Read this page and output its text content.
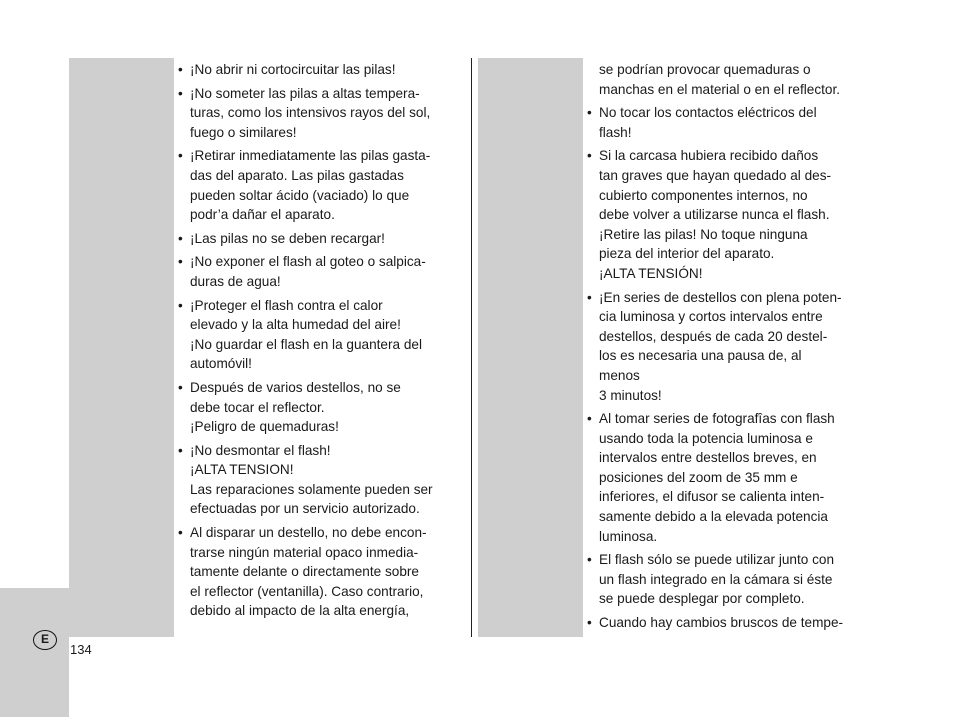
• ¡No abrir ni cortocircuitar las pilas!
• ¡No someter las pilas a altas tempera-
turas, como los intensivos rayos del sol,
fuego o similares!
• ¡Retirar inmediatamente las pilas gasta-
das del aparato. Las pilas gastadas
pueden soltar ácido (vaciado) lo que
podr’a dañar el aparato.
• ¡Las pilas no se deben recargar!
• ¡No exponer el flash al goteo o salpica-
duras de agua!
• ¡Proteger el flash contra el calor
elevado y la alta humedad del aire!
¡No guardar el flash en la guantera del
automóvil!
• Después de varios destellos, no se
debe tocar el reflector.
¡Peligro de quemaduras!
• ¡No desmontar el flash!
¡ALTA TENSION!
Las reparaciones solamente pueden ser
efectuadas por un servicio autorizado.
• Al disparar un destello, no debe encon-
trarse ningún material opaco inmedia-
tamente delante o directamente sobre
el reflector (ventanilla). Caso contrario,
debido al impacto de la alta energía,
se podrían provocar quemaduras o
manchas en el material o en el reflector.
• No tocar los contactos eléctricos del
flash!
• Si la carcasa hubiera recibido daños
tan graves que hayan quedado al des-
cubierto componentes internos, no
debe volver a utilizarse nunca el flash.
¡Retire las pilas! No toque ninguna
pieza del interior del aparato.
¡ALTA TENSIÓN!
• ¡En series de destellos con plena poten-
cia luminosa y cortos intervalos entre
destellos, después de cada 20 destel-
los es necesaria una pausa de, al
menos
3 minutos!
• Al tomar series de fotografîas con flash
usando toda la potencia luminosa e
intervalos entre destellos breves, en
posiciones del zoom de 35 mm e
inferiores, el difusor se calienta inten-
samente debido a la elevada potencia
luminosa.
• El flash sólo se puede utilizar junto con
un flash integrado en la cámara si éste
se puede desplegar por completo.
• Cuando hay cambios bruscos de tempe-
E
134
